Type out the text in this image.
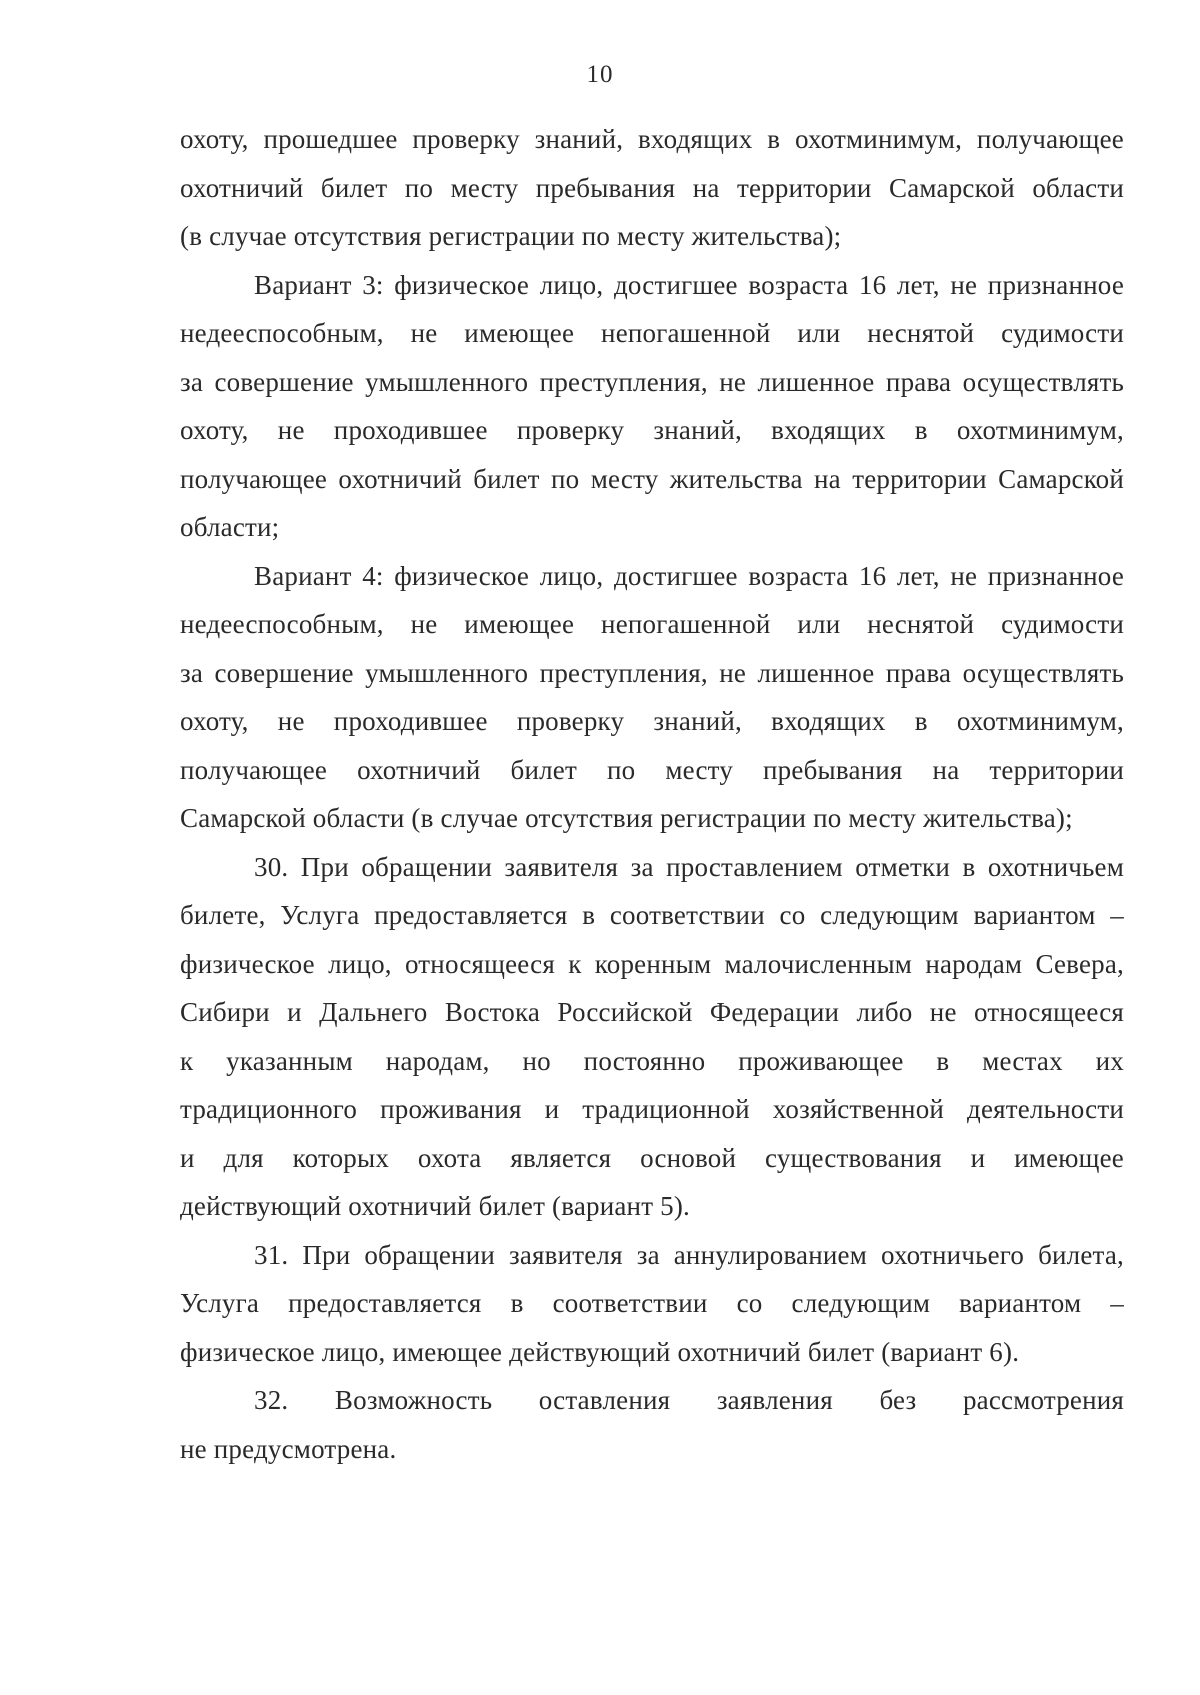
10
охоту, прошедшее проверку знаний, входящих в охотминимум, получающее
охотничий билет по месту пребывания на территории Самарской области
(в случае отсутствия регистрации по месту жительства);
Вариант 3: физическое лицо, достигшее возраста 16 лет, не признанное
недееспособным, не имеющее непогашенной или неснятой судимости
за совершение умышленного преступления, не лишенное права осуществлять
охоту, не проходившее проверку знаний, входящих в охотминимум,
получающее охотничий билет по месту жительства на территории Самарской
области;
Вариант 4: физическое лицо, достигшее возраста 16 лет, не признанное
недееспособным, не имеющее непогашенной или неснятой судимости
за совершение умышленного преступления, не лишенное права осуществлять
охоту, не проходившее проверку знаний, входящих в охотминимум,
получающее охотничий билет по месту пребывания на территории
Самарской области (в случае отсутствия регистрации по месту жительства);
30. При обращении заявителя за проставлением отметки в охотничьем
билете, Услуга предоставляется в соответствии со следующим вариантом –
физическое лицо, относящееся к коренным малочисленным народам Севера,
Сибири и Дальнего Востока Российской Федерации либо не относящееся
к указанным народам, но постоянно проживающее в местах их
традиционного проживания и традиционной хозяйственной деятельности
и для которых охота является основой существования и имеющее
действующий охотничий билет (вариант 5).
31. При обращении заявителя за аннулированием охотничьего билета,
Услуга предоставляется в соответствии со следующим вариантом –
физическое лицо, имеющее действующий охотничий билет (вариант 6).
32. Возможность оставления заявления без рассмотрения
не предусмотрена.
